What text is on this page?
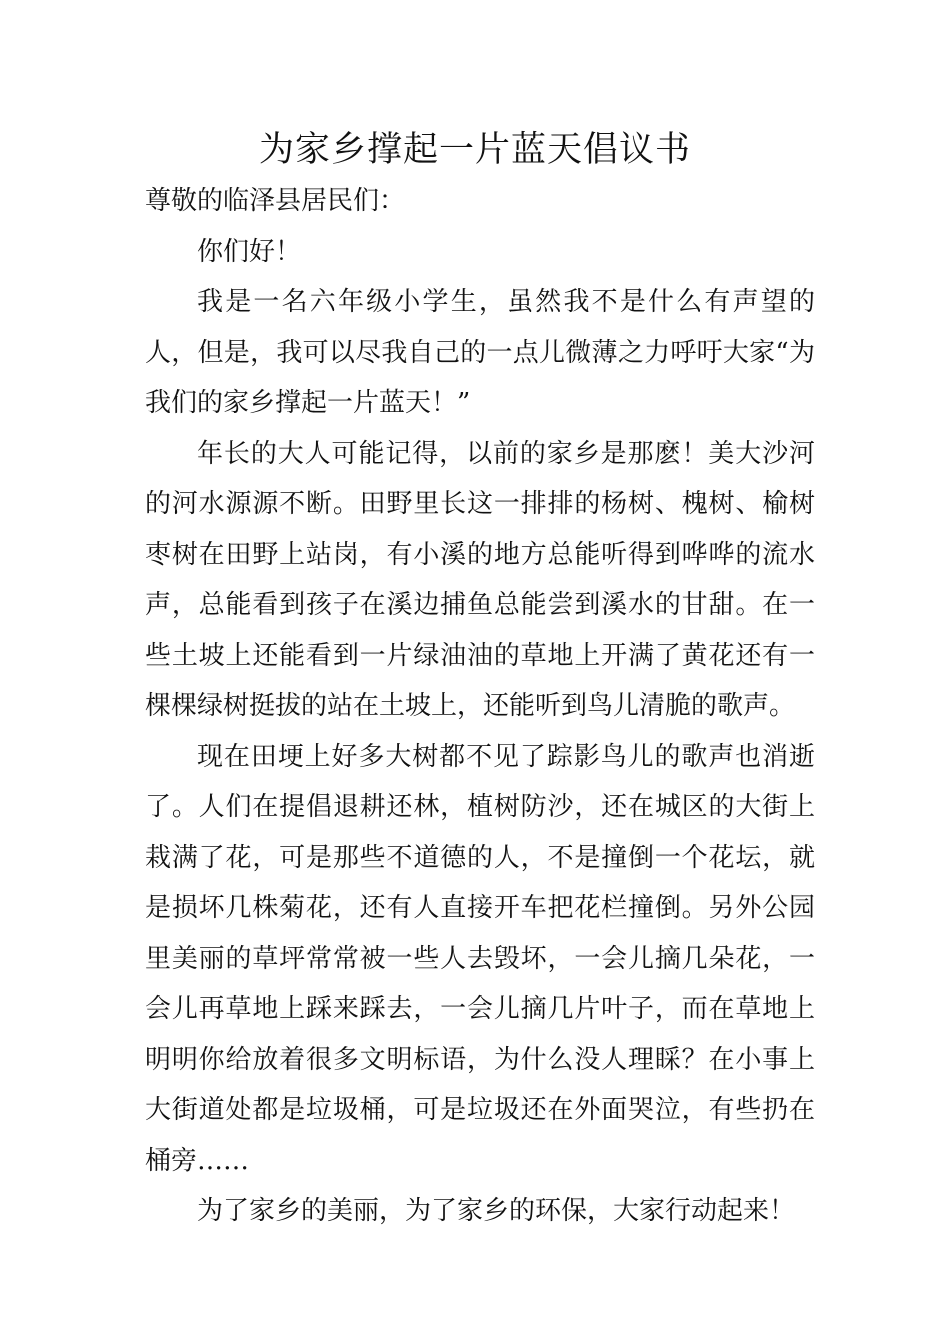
为家乡撑起一片蓝天倡议书

尊敬的临泽县居民们：

你们好！

我是一名六年级小学生，虽然我不是什么有声望的人，但是，我可以尽我自己的一点儿微薄之力呼吁大家“为我们的家乡撑起一片蓝天！”

年长的大人可能记得，以前的家乡是那麽！美大沙河的河水源源不断。田野里长这一排排的杨树、槐树、榆树枣树在田野上站岗，有小溪的地方总能听得到哗哗的流水声，总能看到孩子在溪边捕鱼总能尝到溪水的甘甜。在一些土坡上还能看到一片绿油油的草地上开满了黄花还有一棵棵绿树挺拔的站在土坡上，还能听到鸟儿清脆的歌声。

现在田埂上好多大树都不见了踪影鸟儿的歌声也消逝了。人们在提倡退耕还林，植树防沙，还在城区的大街上栽满了花，可是那些不道德的人，不是撞倒一个花坛，就是损坏几株菊花，还有人直接开车把花栏撞倒。另外公园里美丽的草坪常常被一些人去毁坏，一会儿摘几朵花，一会儿再草地上踩来踩去，一会儿摘几片叶子，而在草地上明明你给放着很多文明标语，为什么没人理睬？在小事上大街道处都是垃圾桶，可是垃圾还在外面哭泣，有些扔在桶旁……

为了家乡的美丽，为了家乡的环保，大家行动起来！
